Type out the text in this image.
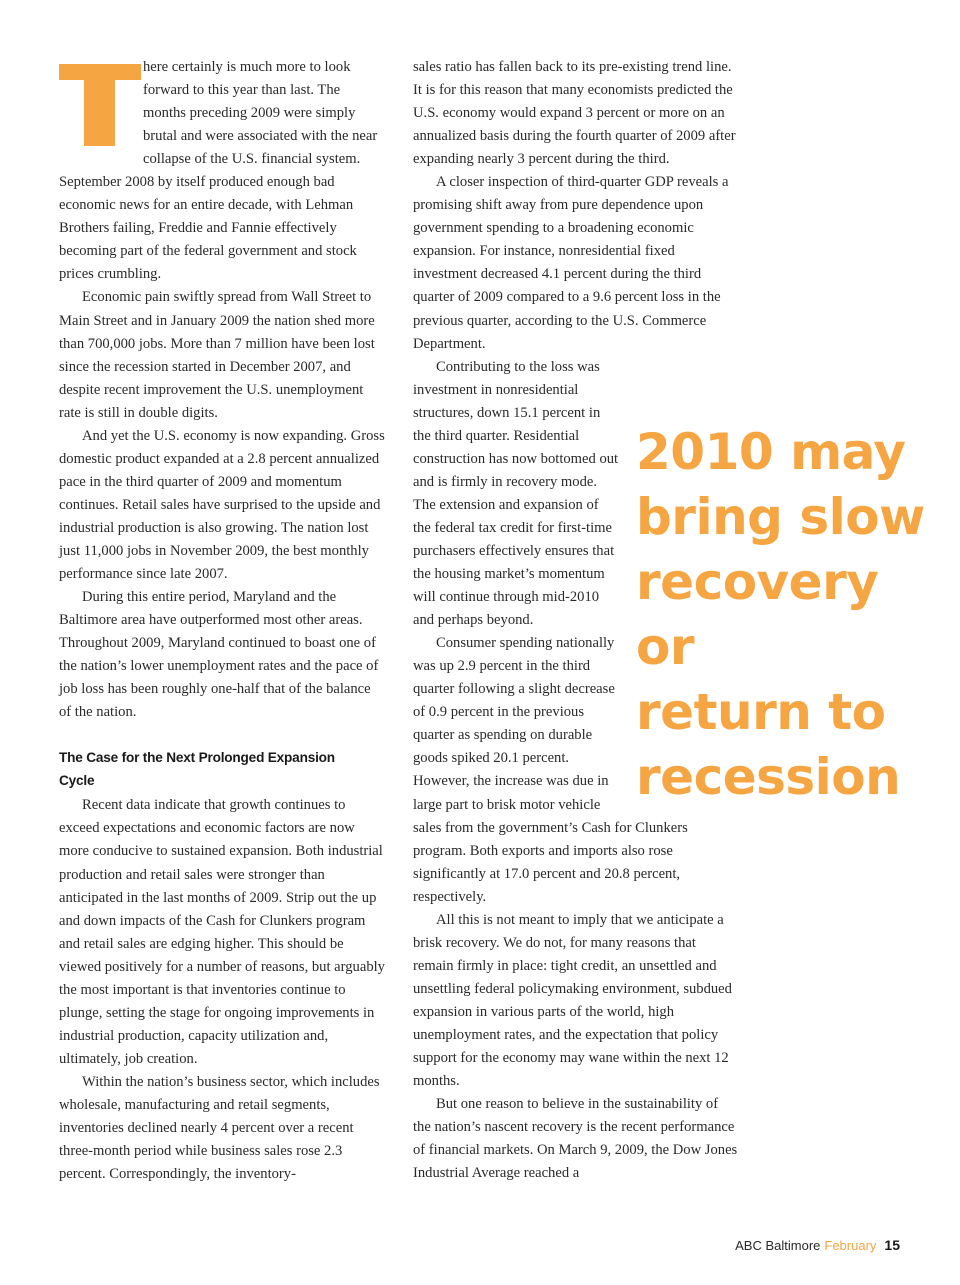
here certainly is much more to look forward to this year than last. The months preceding 2009 were simply brutal and were associated with the near collapse of the U.S. financial system. September 2008 by itself produced enough bad economic news for an entire decade, with Lehman Brothers failing, Freddie and Fannie effectively becoming part of the federal government and stock prices crumbling.

Economic pain swiftly spread from Wall Street to Main Street and in January 2009 the nation shed more than 700,000 jobs. More than 7 million have been lost since the recession started in December 2007, and despite recent improvement the U.S. unemployment rate is still in double digits.

And yet the U.S. economy is now expanding. Gross domestic product expanded at a 2.8 percent annualized pace in the third quarter of 2009 and momentum continues. Retail sales have surprised to the upside and industrial production is also growing. The nation lost just 11,000 jobs in November 2009, the best monthly performance since late 2007.

During this entire period, Maryland and the Baltimore area have outperformed most other areas. Throughout 2009, Maryland continued to boast one of the nation’s lower unemployment rates and the pace of job loss has been roughly one-half that of the balance of the nation.

The Case for the Next Prolonged Expansion Cycle

Recent data indicate that growth continues to exceed expectations and economic factors are now more conducive to sustained expansion. Both industrial production and retail sales were stronger than anticipated in the last months of 2009. Strip out the up and down impacts of the Cash for Clunkers program and retail sales are edging higher. This should be viewed positively for a number of reasons, but arguably the most important is that inventories continue to plunge, setting the stage for ongoing improvements in industrial production, capacity utilization and, ultimately, job creation.

Within the nation’s business sector, which includes wholesale, manufacturing and retail segments, inventories declined nearly 4 percent over a recent three-month period while business sales rose 2.3 percent. Correspondingly, the inventory-

sales ratio has fallen back to its pre-existing trend line. It is for this reason that many economists predicted the U.S. economy would expand 3 percent or more on an annualized basis during the fourth quarter of 2009 after expanding nearly 3 percent during the third.

A closer inspection of third-quarter GDP reveals a promising shift away from pure dependence upon government spending to a broadening economic expansion. For instance, nonresidential fixed investment decreased 4.1 percent during the third quarter of 2009 compared to a 9.6 percent loss in the previous quarter, according to the U.S. Commerce Department.

Contributing to the loss was investment in nonresidential structures, down 15.1 percent in the third quarter. Residential construction has now bottomed out and is firmly in recovery mode. The extension and expansion of the federal tax credit for first-time purchasers effectively ensures that the housing market’s momentum will continue through mid-2010 and perhaps beyond.

Consumer spending nationally was up 2.9 percent in the third quarter following a slight decrease of 0.9 percent in the previous quarter as spending on durable goods spiked 20.1 percent. However, the increase was due in large part to brisk motor vehicle sales from the government’s Cash for Clunkers program. Both exports and imports also rose significantly at 17.0 percent and 20.8 percent, respectively.

All this is not meant to imply that we anticipate a brisk recovery. We do not, for many reasons that remain firmly in place: tight credit, an unsettled and unsettling federal policymaking environment, subdued expansion in various parts of the world, high unemployment rates, and the expectation that policy support for the economy may wane within the next 12 months.

But one reason to believe in the sustainability of the nation’s nascent recovery is the recent performance of financial markets. On March 9, 2009, the Dow Jones Industrial Average reached a

2010 may
bring slow
recovery
or
return to
recession
ABC Baltimore February 15
